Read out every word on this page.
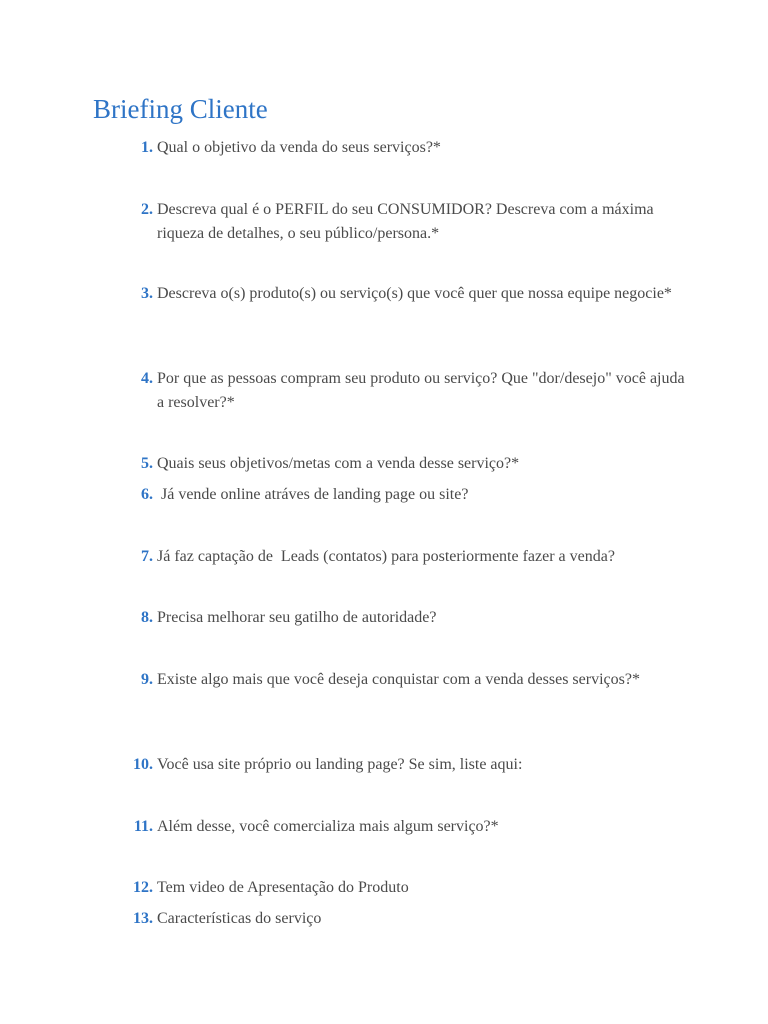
Briefing Cliente
1. Qual o objetivo da venda do seus serviços?*
2. Descreva qual é o PERFIL do seu CONSUMIDOR? Descreva com a máxima riqueza de detalhes, o seu público/persona.*
3. Descreva o(s) produto(s) ou serviço(s) que você quer que nossa equipe negocie*
4. Por que as pessoas compram seu produto ou serviço? Que "dor/desejo" você ajuda a resolver?*
5. Quais seus objetivos/metas com a venda desse serviço?*
6. Já vende online atráves de landing page ou site?
7. Já faz captação de  Leads (contatos) para posteriormente fazer a venda?
8. Precisa melhorar seu gatilho de autoridade?
9. Existe algo mais que você deseja conquistar com a venda desses serviços?*
10. Você usa site próprio ou landing page? Se sim, liste aqui:
11. Além desse, você comercializa mais algum serviço?*
12. Tem video de Apresentação do Produto
13. Características do serviço
